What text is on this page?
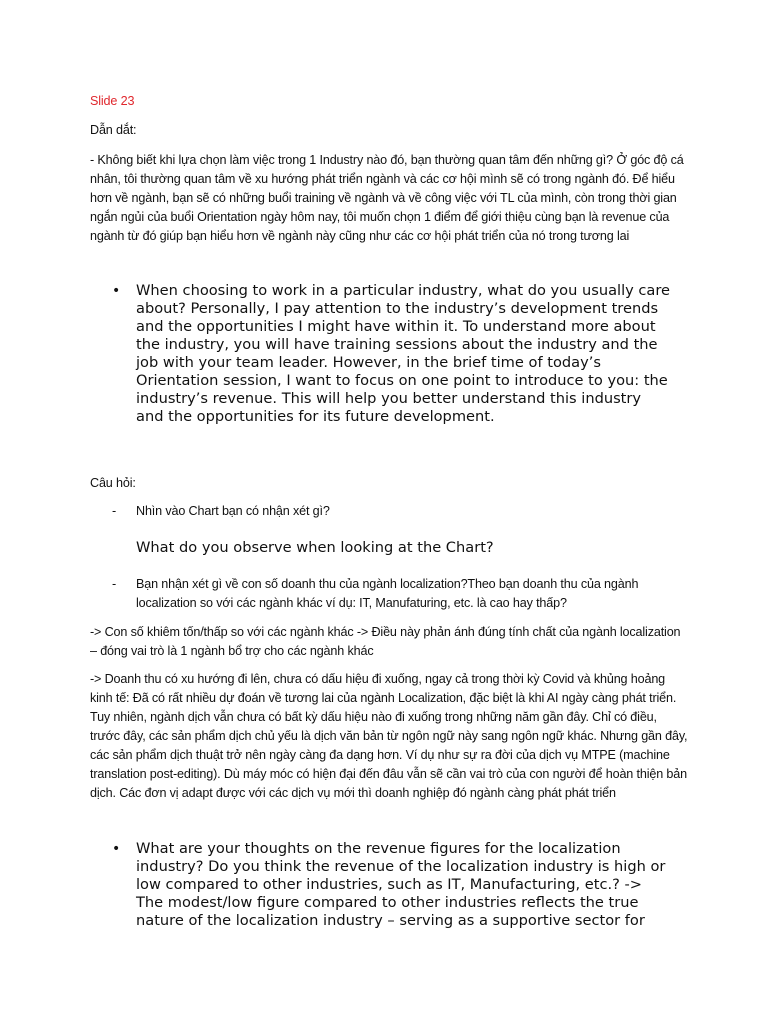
Slide 23

Dẫn dắt:

- Không biết khi lựa chọn làm việc trong 1 Industry nào đó, bạn thường quan tâm đến những gì? Ở góc độ cá nhân, tôi thường quan tâm về xu hướng phát triển ngành và các cơ hội mình sẽ có trong ngành đó. Để hiểu hơn về ngành, bạn sẽ có những buổi training về ngành và về công việc với TL của mình, còn trong thời gian ngắn ngủi của buổi Orientation ngày hôm nay, tôi muốn chọn 1 điểm để giới thiệu cùng bạn là revenue của ngành từ đó giúp bạn hiểu hơn về ngành này cũng như các cơ hội phát triển của nó trong tương lai

• When choosing to work in a particular industry, what do you usually care about? Personally, I pay attention to the industry’s development trends and the opportunities I might have within it. To understand more about the industry, you will have training sessions about the industry and the job with your team leader. However, in the brief time of today’s Orientation session, I want to focus on one point to introduce to you: the industry’s revenue. This will help you better understand this industry and the opportunities for its future development.

Câu hỏi:

- Nhìn vào Chart bạn có nhận xét gì?

What do you observe when looking at the Chart?

- Bạn nhận xét gì về con số doanh thu của ngành localization?Theo bạn doanh thu của ngành localization so với các ngành khác ví dụ: IT, Manufaturing, etc. là cao hay thấp?

-> Con số khiêm tốn/thấp so với các ngành khác -> Điều này phản ánh đúng tính chất của ngành localization – đóng vai trò là 1 ngành bổ trợ cho các ngành khác

-> Doanh thu có xu hướng đi lên, chưa có dấu hiệu đi xuống, ngay cả trong thời kỳ Covid và khủng hoảng kinh tế: Đã có rất nhiều dự đoán về tương lai của ngành Localization, đặc biệt là khi AI ngày càng phát triển. Tuy nhiên, ngành dịch vẫn chưa có bất kỳ dấu hiệu nào đi xuống trong những năm gần đây. Chỉ có điều, trước đây, các sản phẩm dịch chủ yếu là dịch văn bản từ ngôn ngữ này sang ngôn ngữ khác. Nhưng gần đây, các sản phẩm dịch thuật trở nên ngày càng đa dạng hơn. Ví dụ như sự ra đời của dịch vụ MTPE (machine translation post-editing). Dù máy móc có hiện đại đến đâu vẫn sẽ cần vai trò của con người để hoàn thiện bản dịch. Các đơn vị adapt được với các dịch vụ mới thì doanh nghiệp đó ngành càng phát phát triển

• What are your thoughts on the revenue figures for the localization industry? Do you think the revenue of the localization industry is high or low compared to other industries, such as IT, Manufacturing, etc.? -> The modest/low figure compared to other industries reflects the true nature of the localization industry – serving as a supportive sector for
